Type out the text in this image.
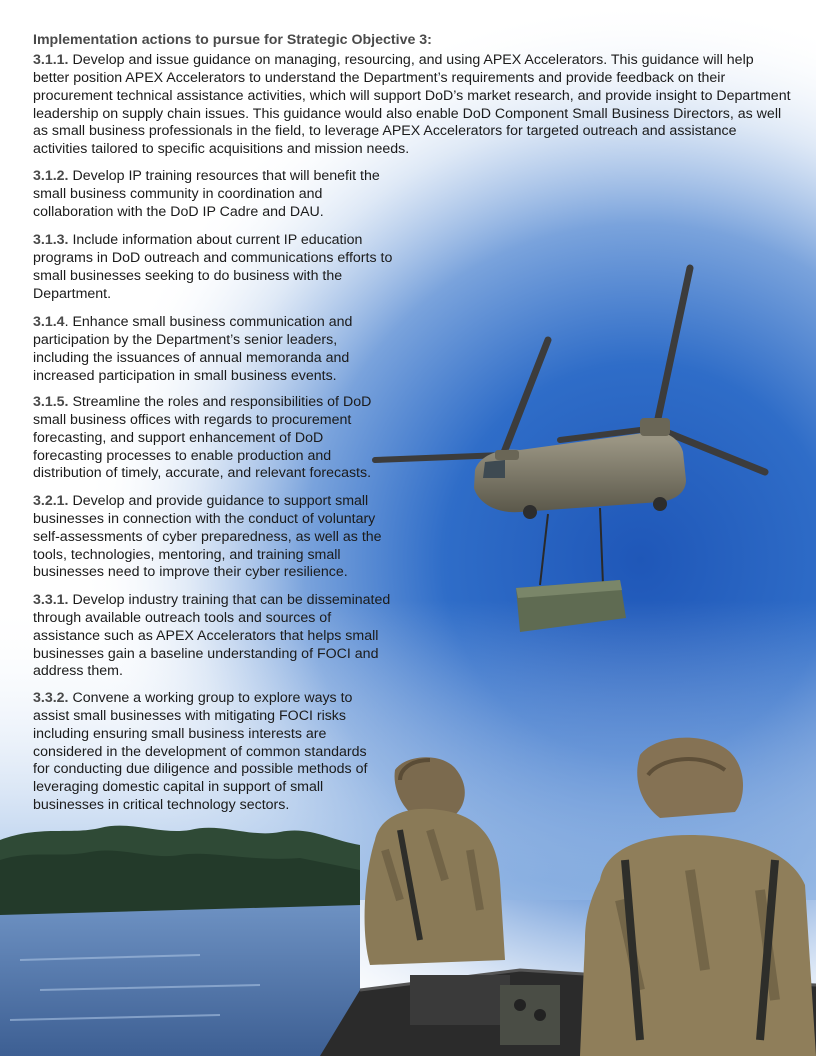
Implementation actions to pursue for Strategic Objective 3:

3.1.1. Develop and issue guidance on managing, resourcing, and using APEX Accelerators. This guidance will help better position APEX Accelerators to understand the Department’s requirements and provide feedback on their procurement technical assistance activities, which will support DoD’s market research, and provide insight to Department leadership on supply chain issues. This guidance would also enable DoD Component Small Business Directors, as well as small business professionals in the field, to leverage APEX Accelerators for targeted outreach and assistance activities tailored to specific acquisitions and mission needs.

3.1.2. Develop IP training resources that will benefit the small business community in coordination and collaboration with the DoD IP Cadre and DAU.

3.1.3. Include information about current IP education programs in DoD outreach and communications efforts to small businesses seeking to do business with the Department.

3.1.4. Enhance small business communication and participation by the Department’s senior leaders, including the issuances of annual memoranda and increased participation in small business events.

3.1.5. Streamline the roles and responsibilities of DoD small business offices with regards to procurement forecasting, and support enhancement of DoD forecasting processes to enable production and distribution of timely, accurate, and relevant forecasts.

3.2.1. Develop and provide guidance to support small businesses in connection with the conduct of voluntary self-assessments of cyber preparedness, as well as the tools, technologies, mentoring, and training small businesses need to improve their cyber resilience.

3.3.1. Develop industry training that can be disseminated through available outreach tools and sources of assistance such as APEX Accelerators that helps small businesses gain a baseline understanding of FOCI and address them.

3.3.2. Convene a working group to explore ways to assist small businesses with mitigating FOCI risks including ensuring small business interests are considered in the development of common standards for conducting due diligence and possible methods of leveraging domestic capital in support of small businesses in critical technology sectors.
